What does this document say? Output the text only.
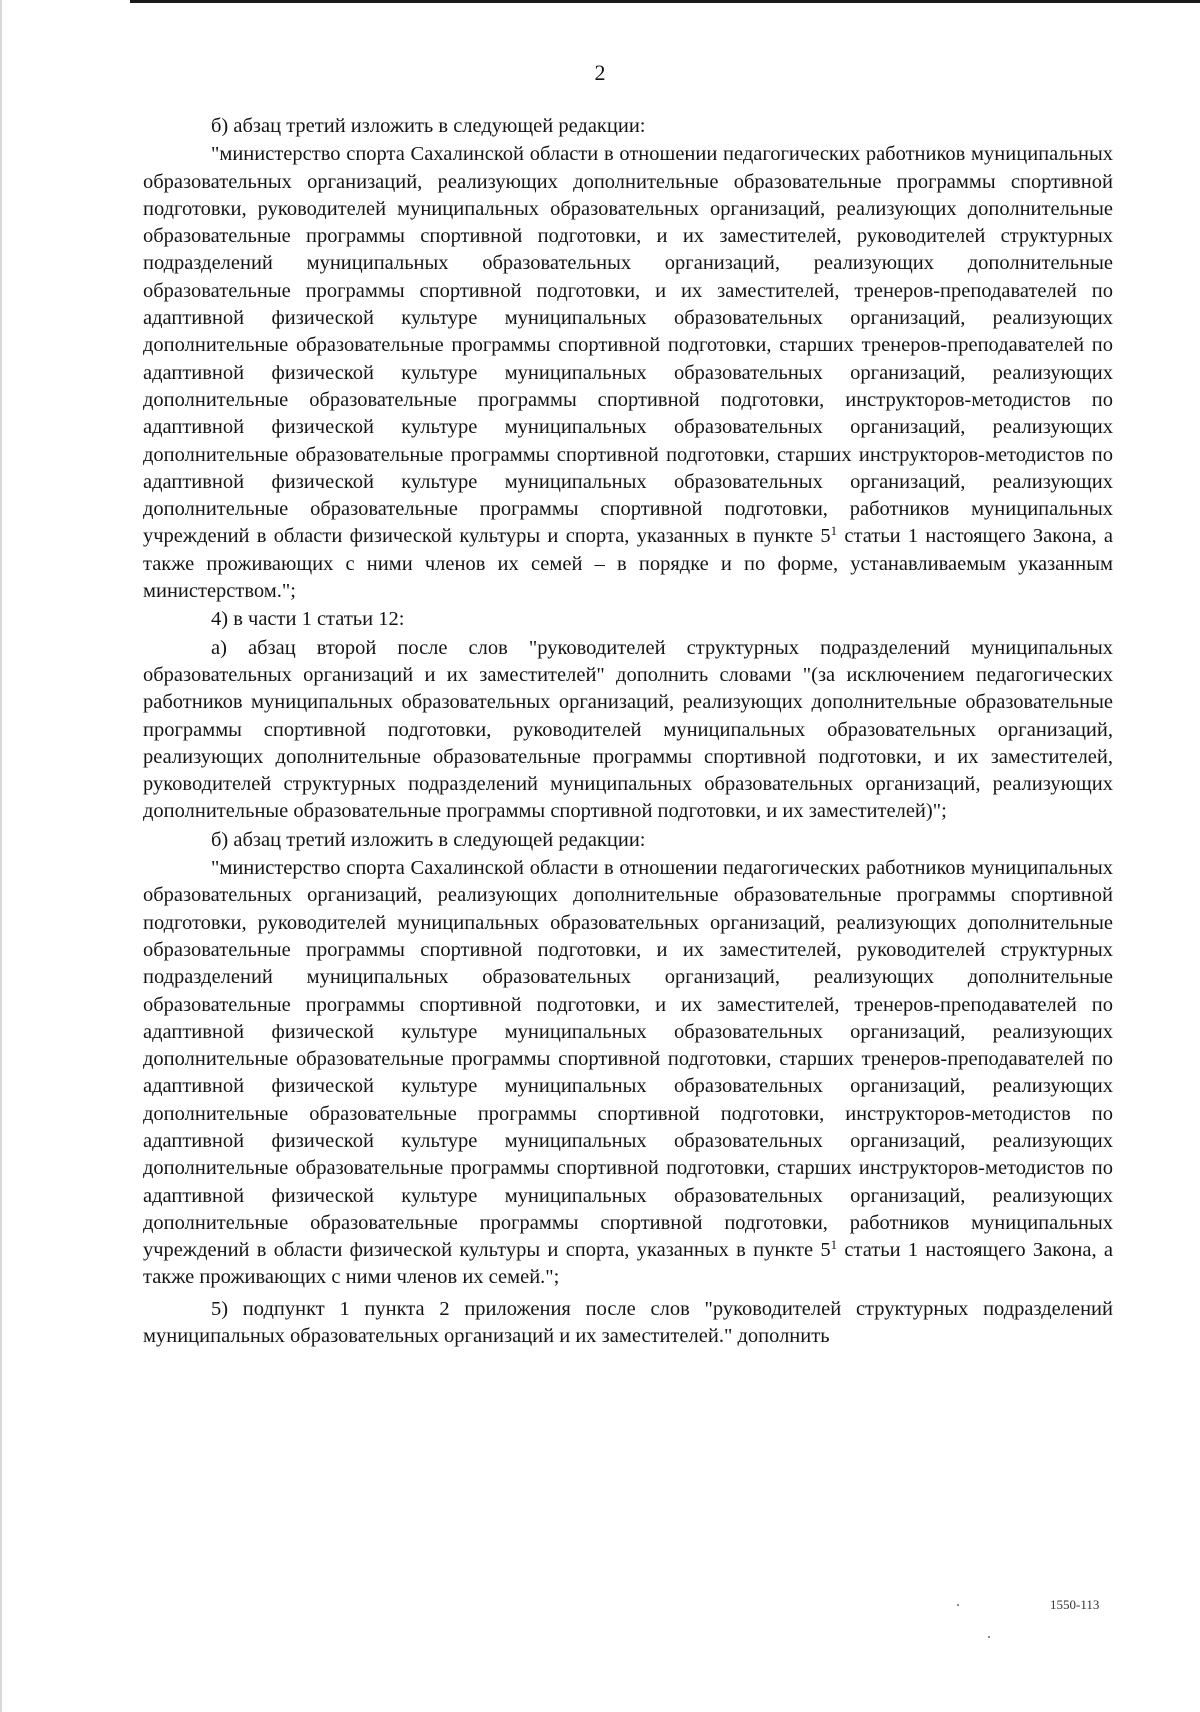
2

б) абзац третий изложить в следующей редакции:

"министерство спорта Сахалинской области в отношении педагогических работников муниципальных образовательных организаций, реализующих дополнительные образовательные программы спортивной подготовки, руководителей муниципальных образовательных организаций, реализующих дополнительные образовательные программы спортивной подготовки, и их заместителей, руководителей структурных подразделений муниципальных образовательных организаций, реализующих дополнительные образовательные программы спортивной подготовки, и их заместителей, тренеров-преподавателей по адаптивной физической культуре муниципальных образовательных организаций, реализующих дополнительные образовательные программы спортивной подготовки, старших тренеров-преподавателей по адаптивной физической культуре муниципальных образовательных организаций, реализующих дополнительные образовательные программы спортивной подготовки, инструкторов-методистов по адаптивной физической культуре муниципальных образовательных организаций, реализующих дополнительные образовательные программы спортивной подготовки, старших инструкторов-методистов по адаптивной физической культуре муниципальных образовательных организаций, реализующих дополнительные образовательные программы спортивной подготовки, работников муниципальных учреждений в области физической культуры и спорта, указанных в пункте $5^1$ статьи 1 настоящего Закона, а также проживающих с ними членов их семей – в порядке и по форме, устанавливаемым указанным министерством.";

4) в части 1 статьи 12:

а) абзац второй после слов "руководителей структурных подразделений муниципальных образовательных организаций и их заместителей" дополнить словами "(за исключением педагогических работников муниципальных образовательных организаций, реализующих дополнительные образовательные программы спортивной подготовки, руководителей муниципальных образовательных организаций, реализующих дополнительные образовательные программы спортивной подготовки, и их заместителей, руководителей структурных подразделений муниципальных образовательных организаций, реализующих дополнительные образовательные программы спортивной подготовки, и их заместителей)";

б) абзац третий изложить в следующей редакции:

"министерство спорта Сахалинской области в отношении педагогических работников муниципальных образовательных организаций, реализующих дополнительные образовательные программы спортивной подготовки, руководителей муниципальных образовательных организаций, реализующих дополнительные образовательные программы спортивной подготовки, и их заместителей, руководителей структурных подразделений муниципальных образовательных организаций, реализующих дополнительные образовательные программы спортивной подготовки, и их заместителей, тренеров-преподавателей по адаптивной физической культуре муниципальных образовательных организаций, реализующих дополнительные образовательные программы спортивной подготовки, старших тренеров-преподавателей по адаптивной физической культуре муниципальных образовательных организаций, реализующих дополнительные образовательные программы спортивной подготовки, инструкторов-методистов по адаптивной физической культуре муниципальных образовательных организаций, реализующих дополнительные образовательные программы спортивной подготовки, старших инструкторов-методистов по адаптивной физической культуре муниципальных образовательных организаций, реализующих дополнительные образовательные программы спортивной подготовки, работников муниципальных учреждений в области физической культуры и спорта, указанных в пункте $5^1$ статьи 1 настоящего Закона, а также проживающих с ними членов их семей.";

5) подпункт 1 пункта 2 приложения после слов "руководителей структурных подразделений муниципальных образовательных организаций и их заместителей." дополнить

1550-113
